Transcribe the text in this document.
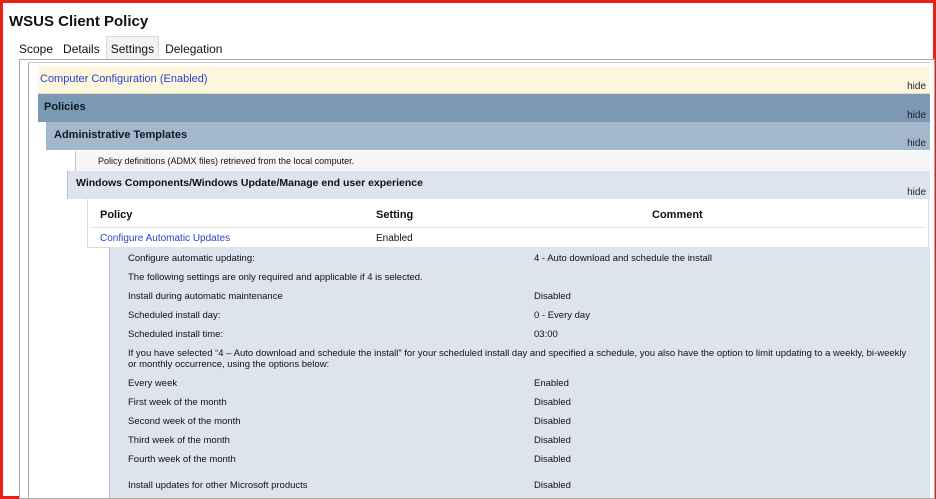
WSUS Client Policy
Scope Details Settings Delegation
Computer Configuration (Enabled)
hide
Policies
hide
Administrative Templates
hide
Policy definitions (ADMX files) retrieved from the local computer.
Windows Components/Windows Update/Manage end user experience
hide
Policy	Setting	Comment
Configure Automatic Updates	Enabled
Configure automatic updating:	4 - Auto download and schedule the install
The following settings are only required and applicable if 4 is selected.
Install during automatic maintenance	Disabled
Scheduled install day:	0 - Every day
Scheduled install time:	03:00
If you have selected “4 – Auto download and schedule the install” for your scheduled install day and specified a schedule, you also have the option to limit updating to a weekly, bi-weekly or monthly occurrence, using the options below:
Every week	Enabled
First week of the month	Disabled
Second week of the month	Disabled
Third week of the month	Disabled
Fourth week of the month	Disabled
Install updates for other Microsoft products	Disabled
